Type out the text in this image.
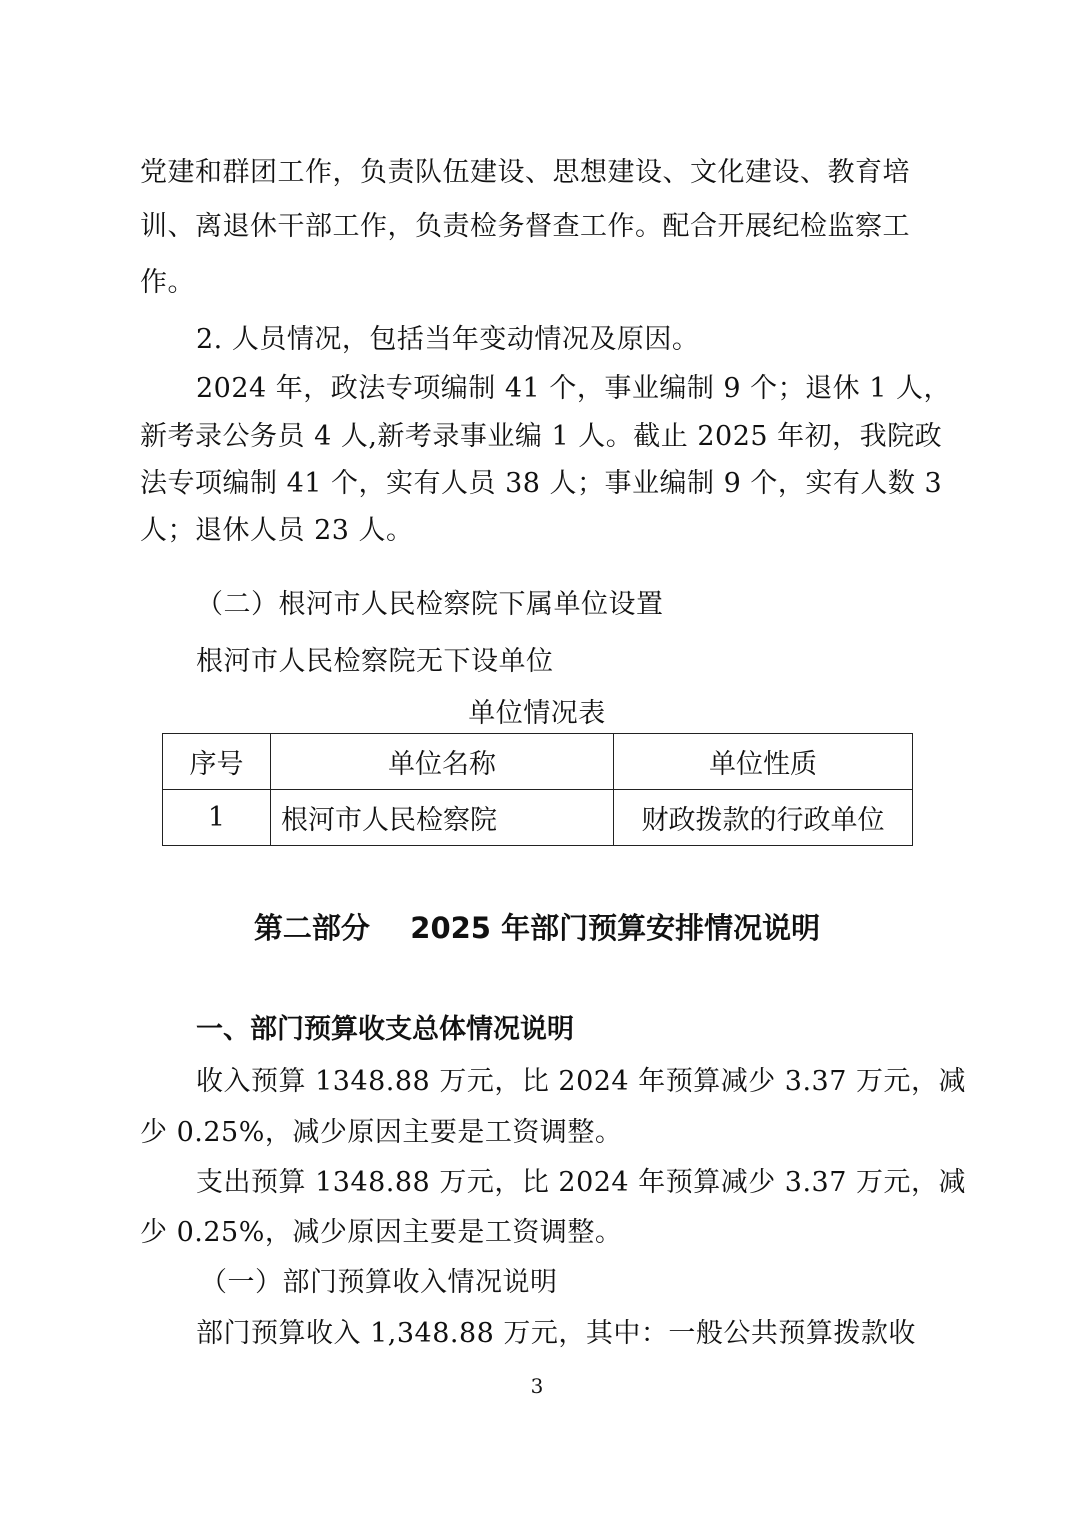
党建和群团工作，负责队伍建设、思想建设、文化建设、教育培
训、离退休干部工作，负责检务督查工作。配合开展纪检监察工
作。
2. 人员情况，包括当年变动情况及原因。
2024 年，政法专项编制 41 个，事业编制 9 个；退休 1 人，
新考录公务员 4 人,新考录事业编 1 人。截止 2025 年初，我院政
法专项编制 41 个，实有人员 38 人；事业编制 9 个，实有人数 3
人；退休人员 23 人。
（二）根河市人民检察院下属单位设置
根河市人民检察院无下设单位
单位情况表
序号	单位名称	单位性质
1	根河市人民检察院	财政拨款的行政单位
第二部分    2025 年部门预算安排情况说明
一、部门预算收支总体情况说明
收入预算 1348.88 万元，比 2024 年预算减少 3.37 万元，减
少 0.25%，减少原因主要是工资调整。
支出预算 1348.88 万元，比 2024 年预算减少 3.37 万元，减
少 0.25%，减少原因主要是工资调整。
（一）部门预算收入情况说明
部门预算收入 1,348.88 万元，其中：一般公共预算拨款收
3
